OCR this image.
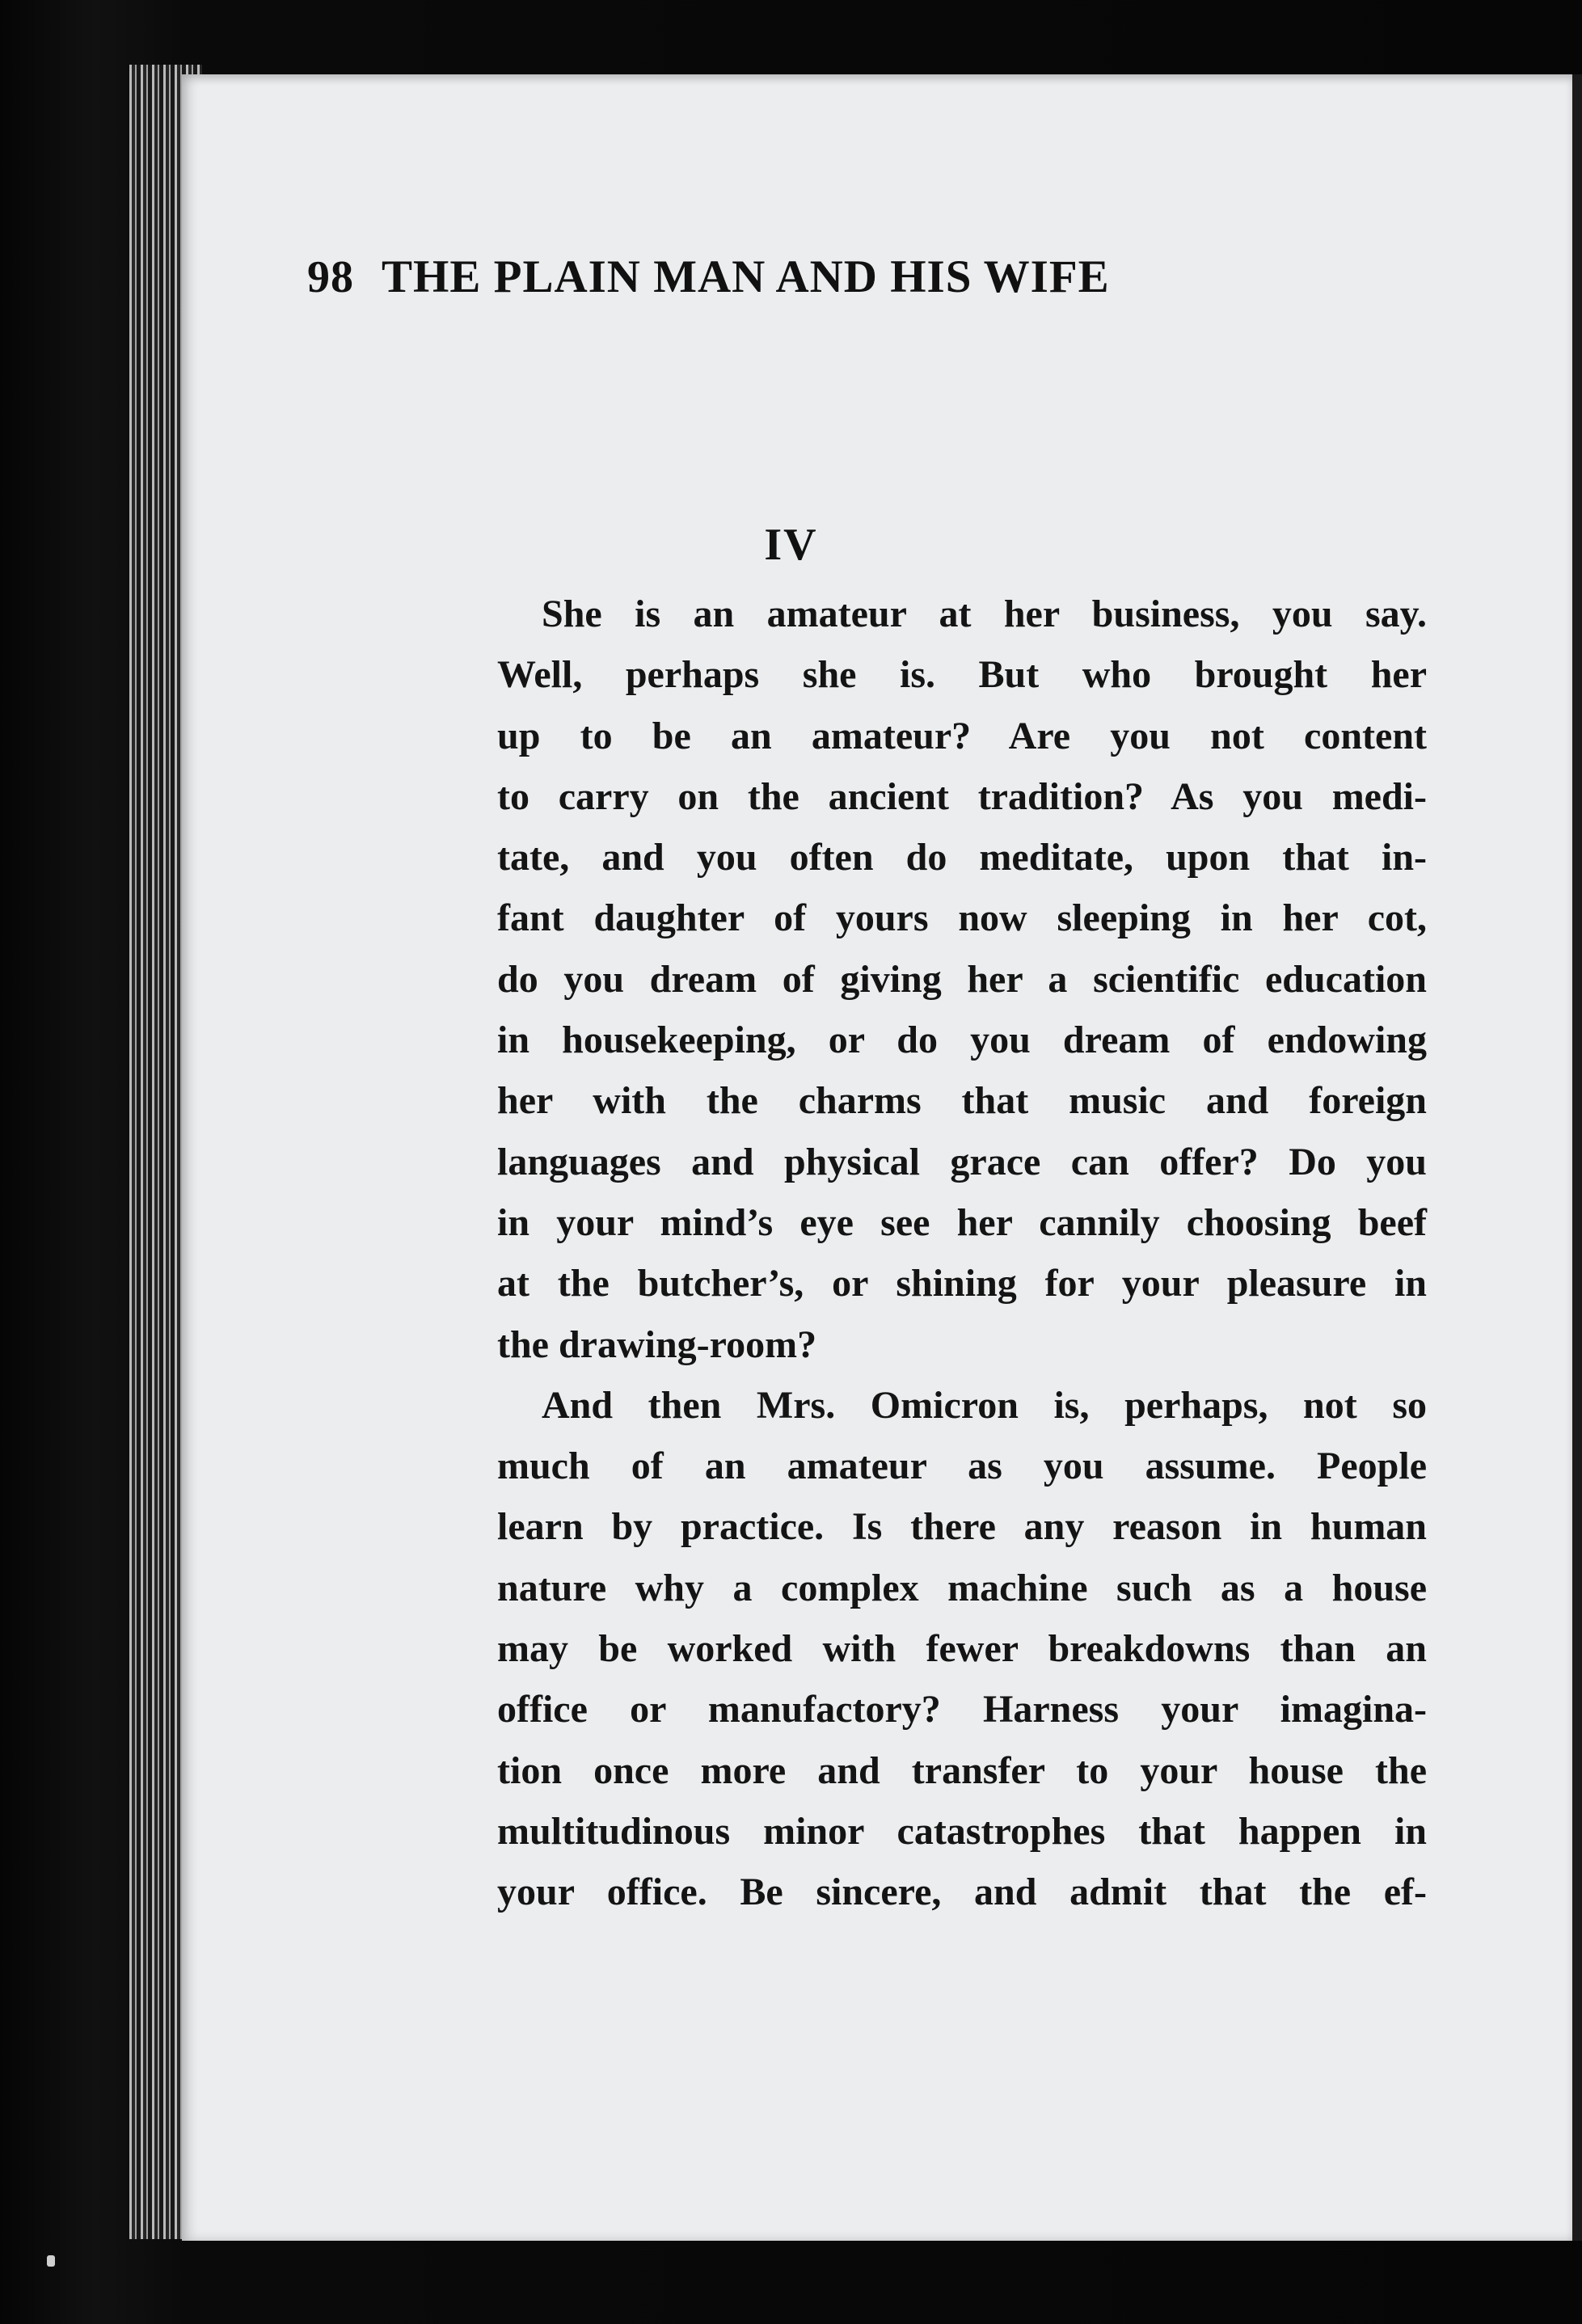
98 THE PLAIN MAN AND HIS WIFE
IV
She is an amateur at her business, you say.
Well, perhaps she is. But who brought her
up to be an amateur? Are you not content
to carry on the ancient tradition? As you medi-
tate, and you often do meditate, upon that in-
fant daughter of yours now sleeping in her cot,
do you dream of giving her a scientific education
in housekeeping, or do you dream of endowing
her with the charms that music and foreign
languages and physical grace can offer? Do you
in your mind’s eye see her cannily choosing beef
at the butcher’s, or shining for your pleasure in
the drawing-room?
And then Mrs. Omicron is, perhaps, not so
much of an amateur as you assume. People
learn by practice. Is there any reason in human
nature why a complex machine such as a house
may be worked with fewer breakdowns than an
office or manufactory? Harness your imagina-
tion once more and transfer to your house the
multitudinous minor catastrophes that happen in
your office. Be sincere, and admit that the ef-
